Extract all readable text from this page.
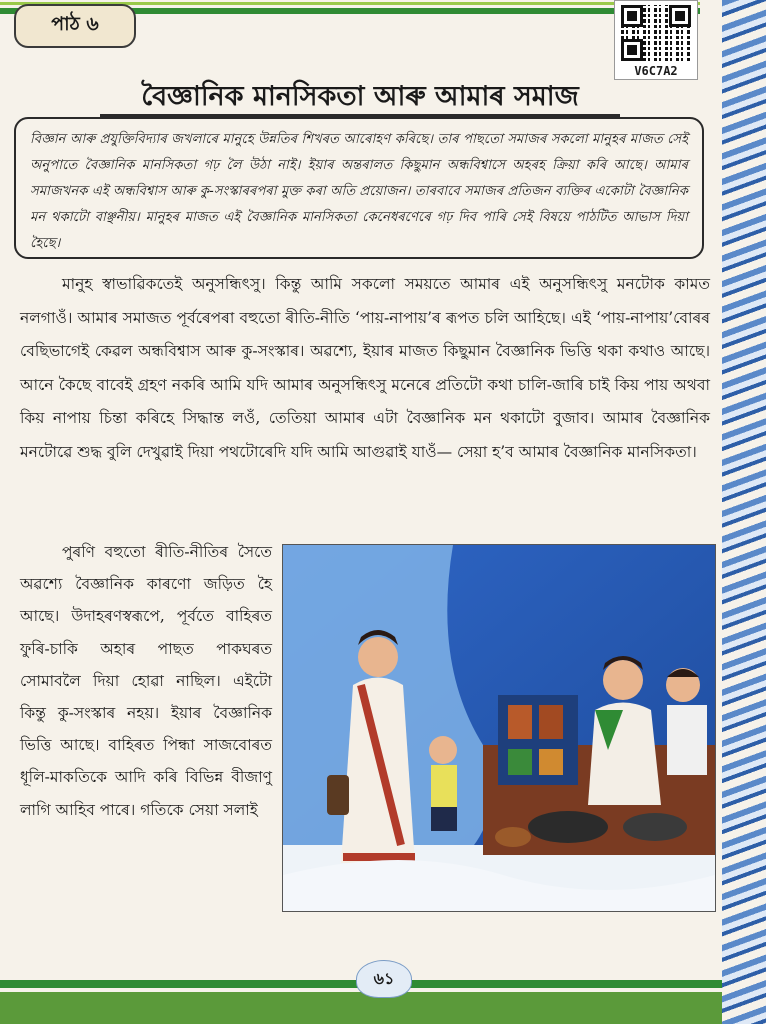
পাঠ ৬
V6C7A2
বৈজ্ঞানিক মানসিকতা আৰু আমাৰ সমাজ
বিজ্ঞান আৰু প্ৰযুক্তিবিদ্যাৰ জখলাৰে মানুহে উন্নতিৰ শিখৰত আৰোহণ কৰিছে। তাৰ পাছতো সমাজৰ সকলো মানুহৰ মাজত সেই অনুপাতে বৈজ্ঞানিক মানসিকতা গঢ় লৈ উঠা নাই। ইয়াৰ অন্তৰালত কিছুমান অন্ধবিশ্বাসে অহৰহ ক্ৰিয়া কৰি আছে। আমাৰ সমাজখনক এই অন্ধবিশ্বাস আৰু কু-সংস্কাৰৰপৰা মুক্ত কৰা অতি প্ৰয়োজন। তাৰবাবে সমাজৰ প্ৰতিজন ব্যক্তিৰ একোটা বৈজ্ঞানিক মন থকাটো বাঞ্ছনীয়। মানুহৰ মাজত এই বৈজ্ঞানিক মানসিকতা কেনেধৰণেৰে গঢ় দিব পাৰি সেই বিষয়ে পাঠটিত আভাস দিয়া হৈছে।

মানুহ স্বাভাৱিকতেই অনুসন্ধিৎসু। কিন্তু আমি সকলো সময়তে আমাৰ এই অনুসন্ধিৎসু মনটোক কামত নলগাওঁ। আমাৰ সমাজত পূৰ্বৰেপৰা বহুতো ৰীতি-নীতি ‘পায়-নাপায়’ৰ ৰূপত চলি আহিছে। এই ‘পায়-নাপায়’বোৰৰ বেছিভাগেই কেৱল অন্ধবিশ্বাস আৰু কু-সংস্কাৰ। অৱশ্যে, ইয়াৰ মাজত কিছুমান বৈজ্ঞানিক ভিত্তি থকা কথাও আছে। আনে কৈছে বাবেই গ্ৰহণ নকৰি আমি যদি আমাৰ অনুসন্ধিৎসু মনেৰে প্ৰতিটো কথা চালি-জাৰি চাই কিয় পায় অথবা কিয় নাপায় চিন্তা কৰিহে সিদ্ধান্ত লওঁ, তেতিয়া আমাৰ এটা বৈজ্ঞানিক মন থকাটো বুজাব। আমাৰ বৈজ্ঞানিক মনটোৱে শুদ্ধ বুলি দেখুৱাই দিয়া পথটোৰেদি যদি আমি আগুৱাই যাওঁ— সেয়া হ’ব আমাৰ বৈজ্ঞানিক মানসিকতা।

পুৰণি বহুতো ৰীতি-নীতিৰ সৈতে অৱশ্যে বৈজ্ঞানিক কাৰণো জড়িত হৈ আছে। উদাহৰণস্বৰূপে, পূৰ্বতে বাহিৰত ফুৰি-চাকি অহাৰ পাছত পাকঘৰত সোমাবলৈ দিয়া হোৱা নাছিল। এইটো কিন্তু কু-সংস্কাৰ নহয়। ইয়াৰ বৈজ্ঞানিক ভিত্তি আছে। বাহিৰত পিন্ধা সাজবোৰত ধূলি-মাকতিকে আদি কৰি বিভিন্ন বীজাণু লাগি আহিব পাৰে। গতিকে সেয়া সলাই

৬১
